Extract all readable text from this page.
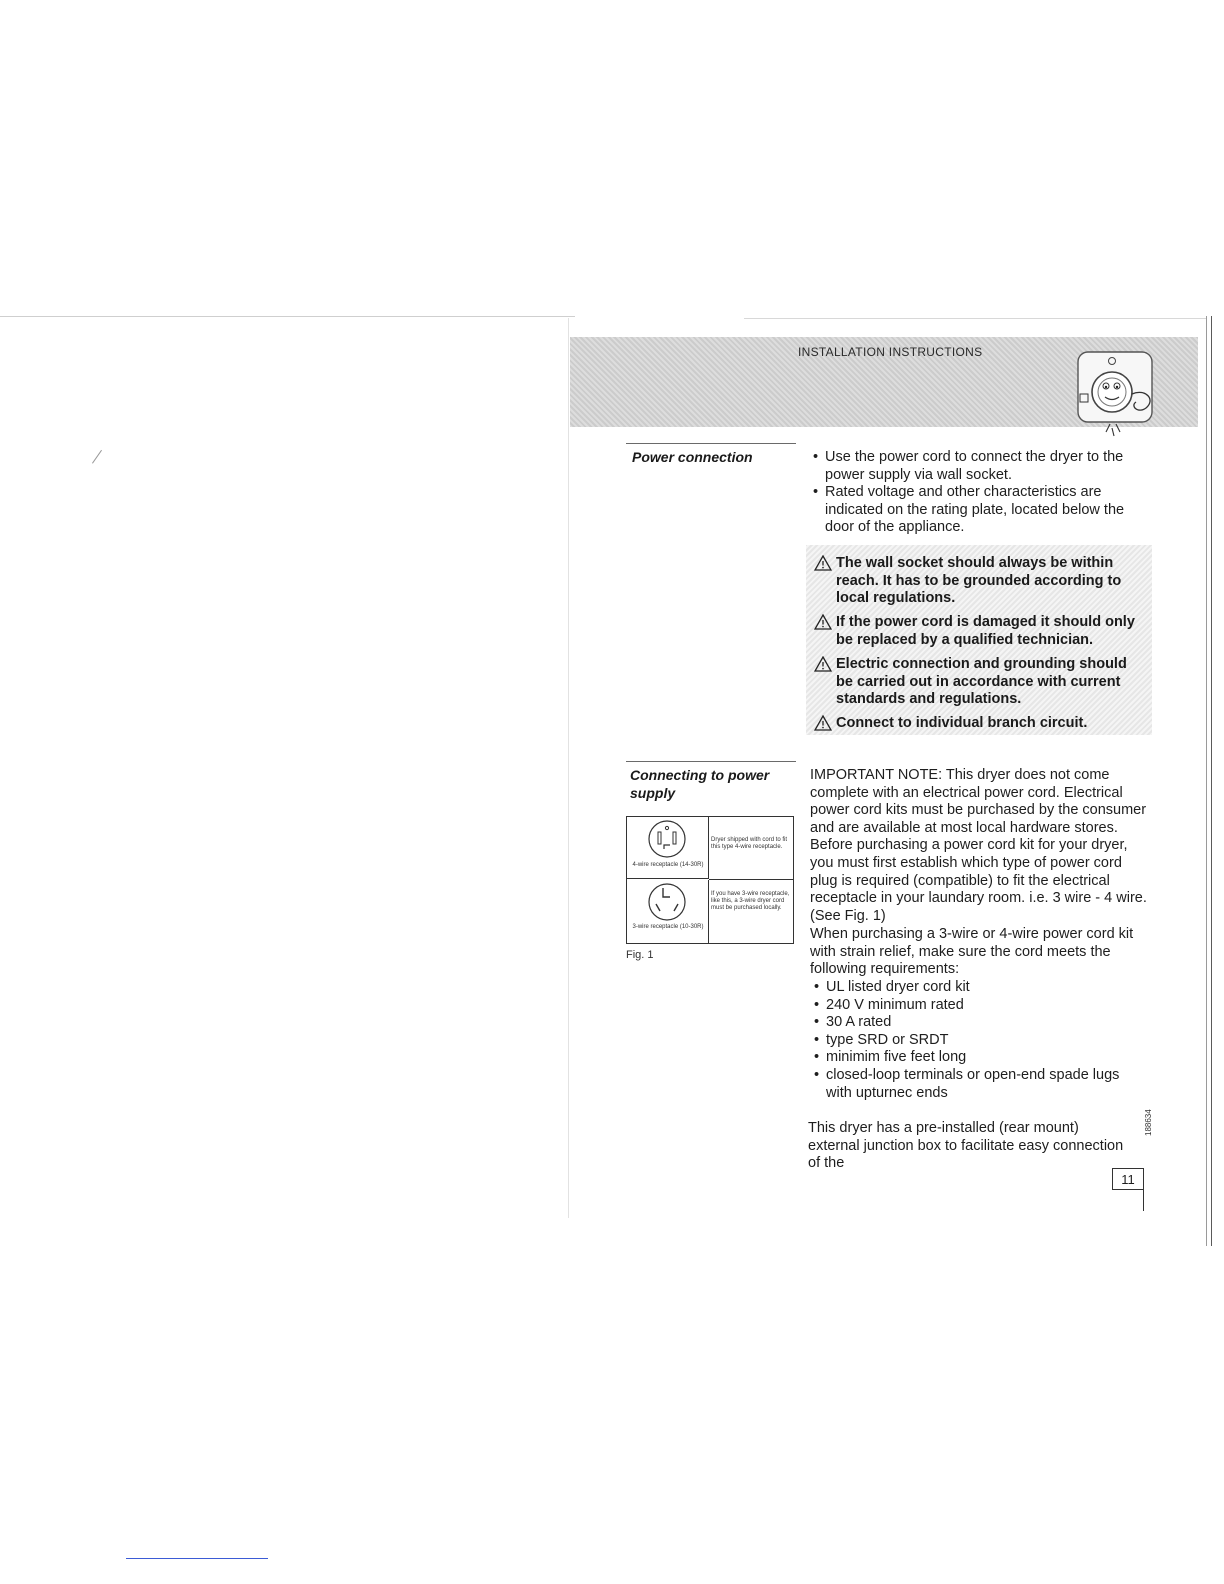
INSTALLATION INSTRUCTIONS
Power connection
•	Use the power cord to connect the dryer to the power supply via wall socket.
• Rated voltage and other characteristics are indicated on the rating plate, located below the door of the appliance.
The wall socket should always be within reach. It has to be grounded according to local regulations.
If the power cord is damaged it should only be replaced by a qualified technician.
Electric connection and grounding should be carried out in accordance with current standards and regulations.
Connect to individual branch circuit.
Connecting to power supply
4-wire receptacle (14-30R)
Dryer shipped with cord to fit this type 4-wire receptacle.
3-wire receptacle (10-30R)
If you have 3-wire receptacle, like this, a 3-wire dryer cord must be purchased locally.
Fig. 1
IMPORTANT NOTE: This dryer does not come complete with an electrical power cord. Electrical power cord kits must be purchased by the consumer and are available at most local hardware stores. Before purchasing a power cord kit for your dryer, you must first establish which type of power cord plug is required (compatible) to fit the electrical receptacle in your laundary room. i.e. 3 wire - 4 wire. (See Fig. 1)
When purchasing a 3-wire or 4-wire power cord kit with strain relief, make sure the cord meets the following requirements:
• UL listed dryer cord kit
• 240 V minimum rated
• 30 A rated
• type SRD or SRDT
• minimim five feet long
• closed-loop terminals or open-end spade lugs with upturnec ends
This dryer has a pre-installed (rear mount) external junction box to facilitate easy connection of the
188634
11
